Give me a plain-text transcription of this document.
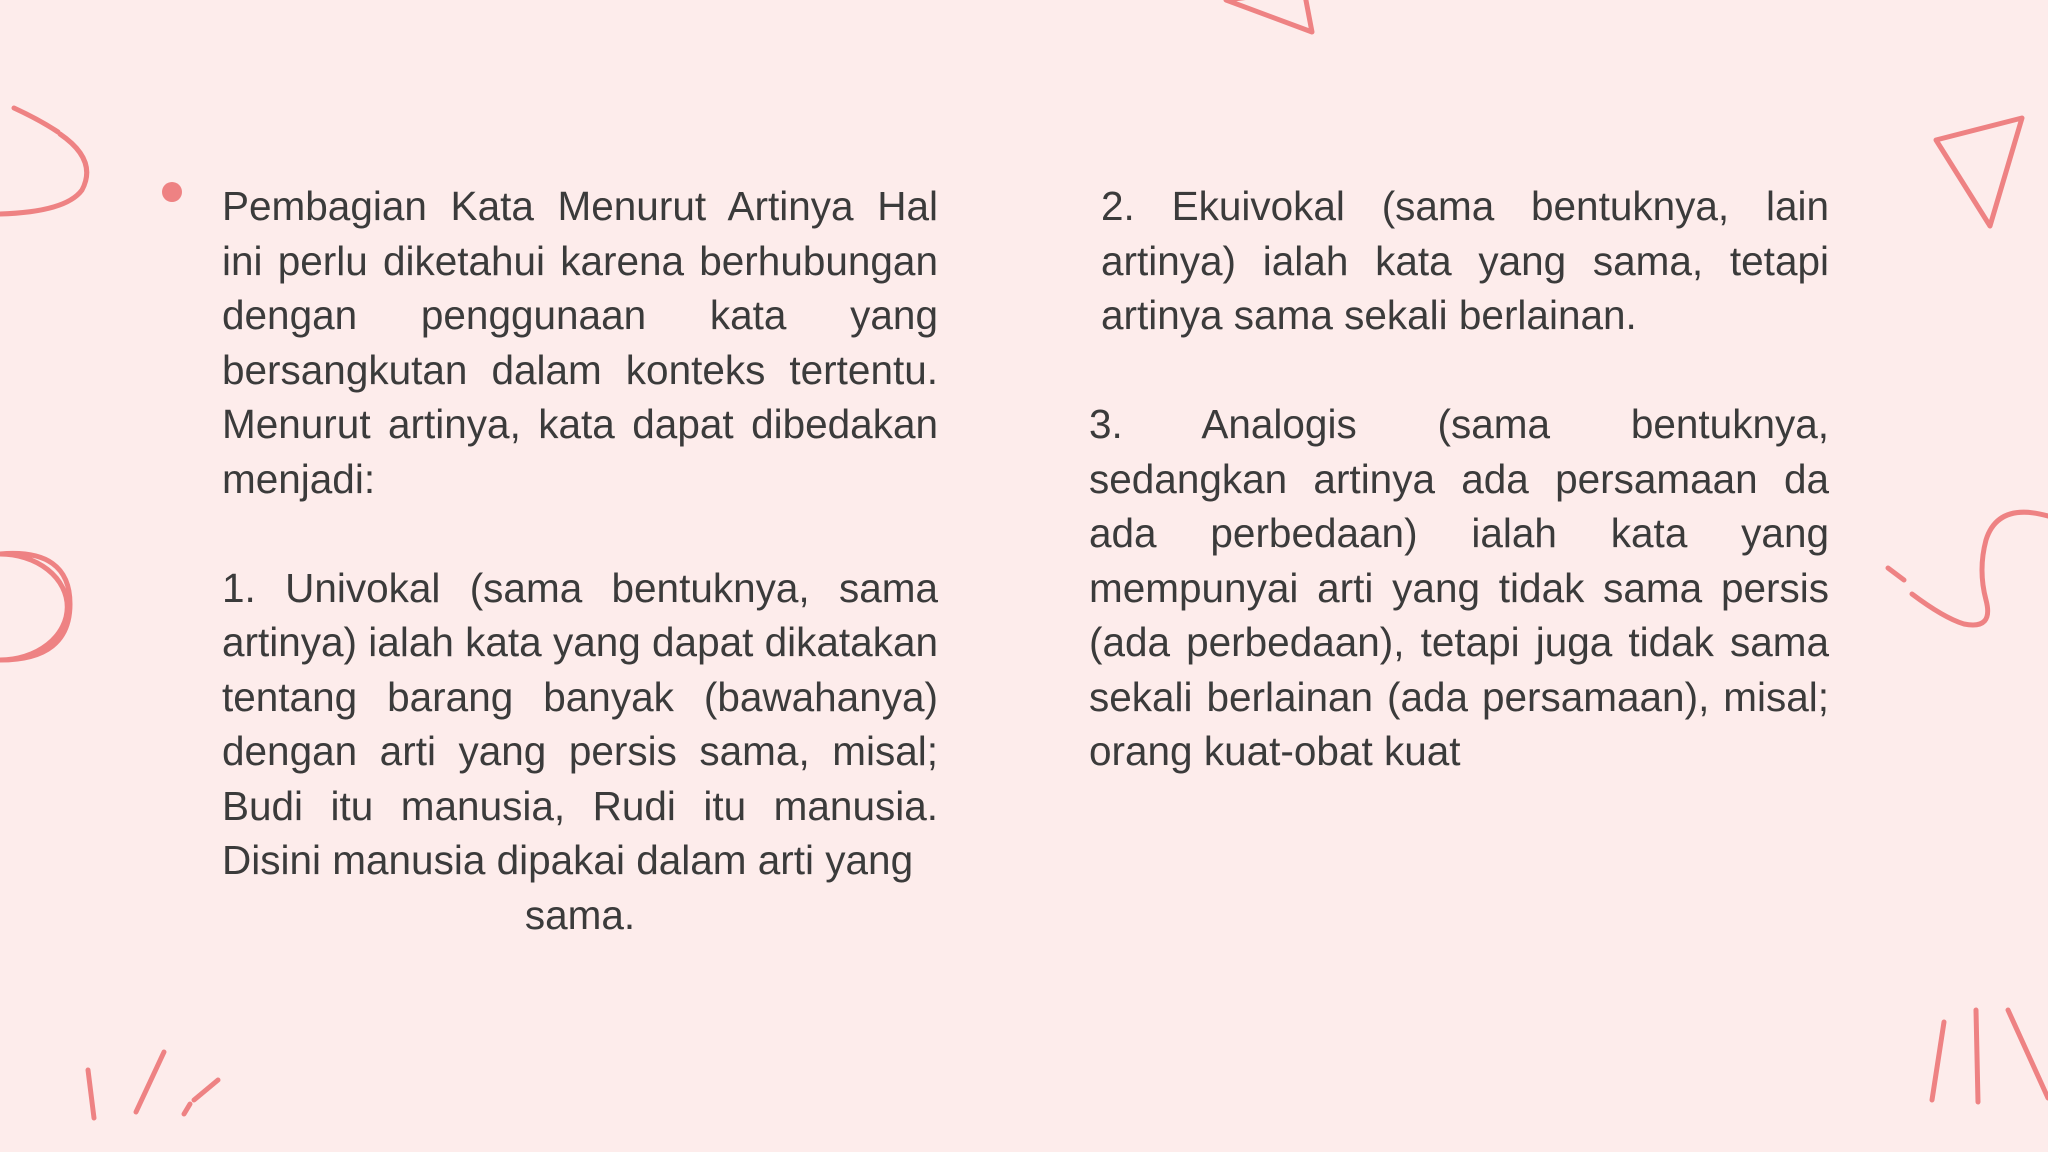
Pembagian Kata Menurut Artinya Hal ini perlu diketahui karena berhubungan dengan penggunaan kata yang bersangkutan dalam konteks tertentu. Menurut artinya, kata dapat dibedakan menjadi:

1. Univokal (sama bentuknya, sama artinya) ialah kata yang dapat dikatakan tentang barang banyak (bawahanya) dengan arti yang persis sama, misal; Budi itu manusia, Rudi itu manusia. Disini manusia dipakai dalam arti yang

sama.

2. Ekuivokal (sama bentuknya, lain artinya) ialah kata yang sama, tetapi artinya sama sekali berlainan.

3. Analogis (sama bentuknya, sedangkan artinya ada persamaan da ada perbedaan) ialah kata yang mempunyai arti yang tidak sama persis (ada perbedaan), tetapi juga tidak sama sekali berlainan (ada persamaan), misal; orang kuat-obat kuat
